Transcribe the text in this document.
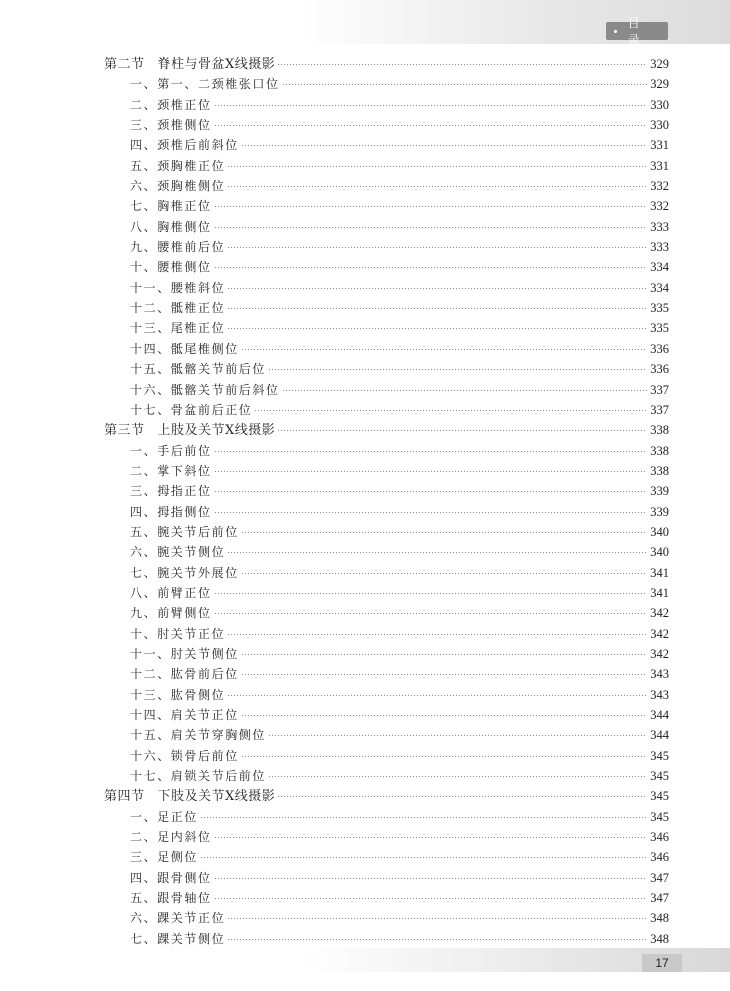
目 录
第二节 脊柱与骨盆X线摄影	329
一、第一、二颈椎张口位	329
二、颈椎正位	330
三、颈椎侧位	330
四、颈椎后前斜位	331
五、颈胸椎正位	331
六、颈胸椎侧位	332
七、胸椎正位	332
八、胸椎侧位	333
九、腰椎前后位	333
十、腰椎侧位	334
十一、腰椎斜位	334
十二、骶椎正位	335
十三、尾椎正位	335
十四、骶尾椎侧位	336
十五、骶髂关节前后位	336
十六、骶髂关节前后斜位	337
十七、骨盆前后正位	337
第三节 上肢及关节X线摄影	338
一、手后前位	338
二、掌下斜位	338
三、拇指正位	339
四、拇指侧位	339
五、腕关节后前位	340
六、腕关节侧位	340
七、腕关节外展位	341
八、前臂正位	341
九、前臂侧位	342
十、肘关节正位	342
十一、肘关节侧位	342
十二、肱骨前后位	343
十三、肱骨侧位	343
十四、肩关节正位	344
十五、肩关节穿胸侧位	344
十六、锁骨后前位	345
十七、肩锁关节后前位	345
第四节 下肢及关节X线摄影	345
一、足正位	345
二、足内斜位	346
三、足侧位	346
四、跟骨侧位	347
五、跟骨轴位	347
六、踝关节正位	348
七、踝关节侧位	348
17
